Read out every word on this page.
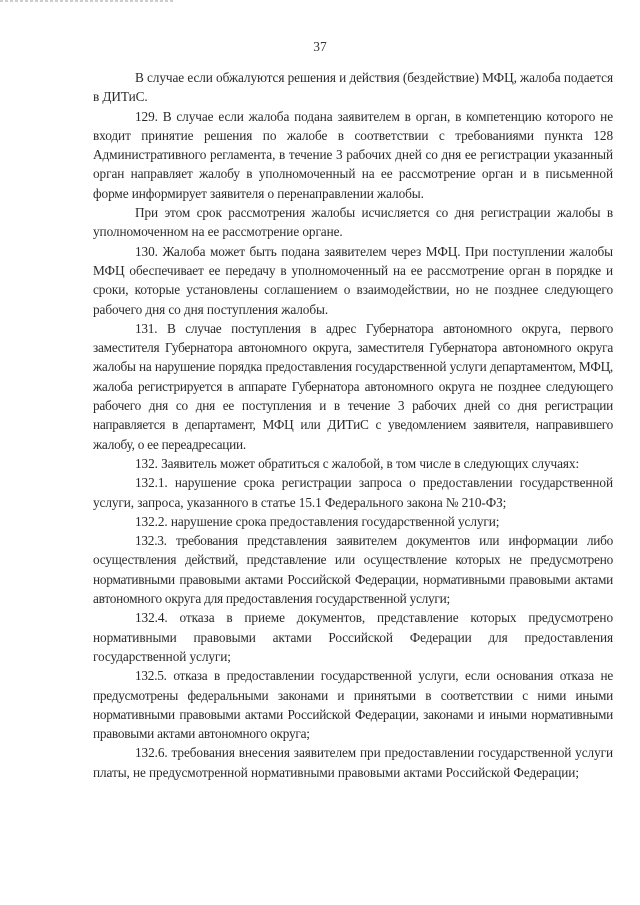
37

В случае если обжалуются решения и действия (бездействие) МФЦ, жалоба подается в ДИТиС.

129. В случае если жалоба подана заявителем в орган, в компетенцию которого не входит принятие решения по жалобе в соответствии с требованиями пункта 128 Административного регламента, в течение 3 рабочих дней со дня ее регистрации указанный орган направляет жалобу в уполномоченный на ее рассмотрение орган и в письменной форме информирует заявителя о перенаправлении жалобы.

При этом срок рассмотрения жалобы исчисляется со дня регистрации жалобы в уполномоченном на ее рассмотрение органе.

130. Жалоба может быть подана заявителем через МФЦ. При поступлении жалобы МФЦ обеспечивает ее передачу в уполномоченный на ее рассмотрение орган в порядке и сроки, которые установлены соглашением о взаимодействии, но не позднее следующего рабочего дня со дня поступления жалобы.

131. В случае поступления в адрес Губернатора автономного округа, первого заместителя Губернатора автономного округа, заместителя Губернатора автономного округа жалобы на нарушение порядка предоставления государственной услуги департаментом, МФЦ, жалоба регистрируется в аппарате Губернатора автономного округа не позднее следующего рабочего дня со дня ее поступления и в течение 3 рабочих дней со дня регистрации направляется в департамент, МФЦ или ДИТиС с уведомлением заявителя, направившего жалобу, о ее переадресации.

132. Заявитель может обратиться с жалобой, в том числе в следующих случаях:

132.1. нарушение срока регистрации запроса о предоставлении государственной услуги, запроса, указанного в статье 15.1 Федерального закона № 210-ФЗ;

132.2. нарушение срока предоставления государственной услуги;

132.3. требования представления заявителем документов или информации либо осуществления действий, представление или осуществление которых не предусмотрено нормативными правовыми актами Российской Федерации, нормативными правовыми актами автономного округа для предоставления государственной услуги;

132.4. отказа в приеме документов, представление которых предусмотрено нормативными правовыми актами Российской Федерации для предоставления государственной услуги;

132.5. отказа в предоставлении государственной услуги, если основания отказа не предусмотрены федеральными законами и принятыми в соответствии с ними иными нормативными правовыми актами Российской Федерации, законами и иными нормативными правовыми актами автономного округа;

132.6. требования внесения заявителем при предоставлении государственной услуги платы, не предусмотренной нормативными правовыми актами Российской Федерации;
